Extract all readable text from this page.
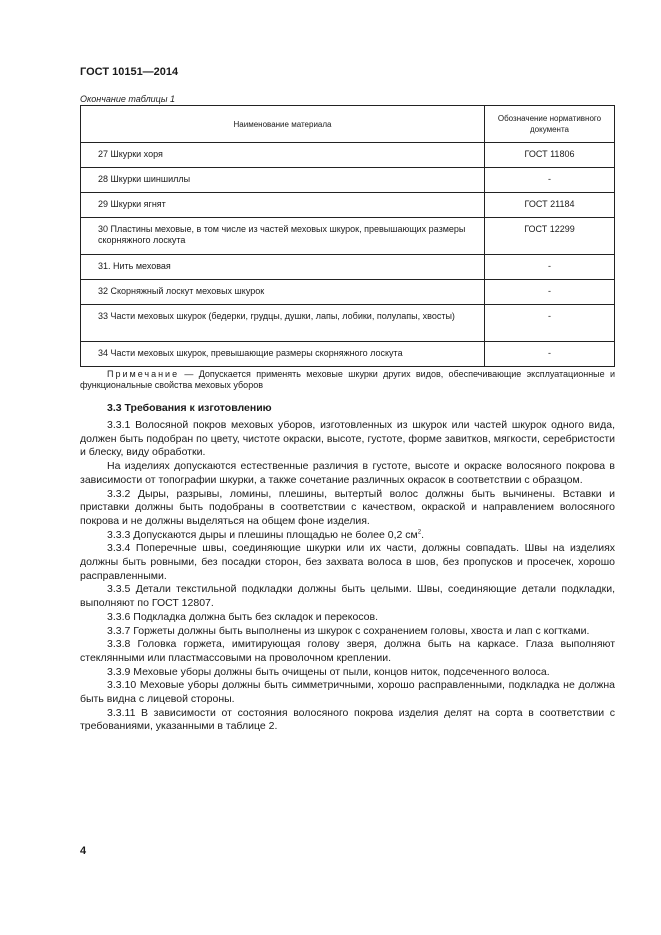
ГОСТ 10151—2014
Окончание таблицы 1
Наименование материала	Обозначение нормативного документа
27 Шкурки хоря	ГОСТ 11806
28 Шкурки шиншиллы	-
29 Шкурки ягнят	ГОСТ 21184
30 Пластины меховые, в том числе из частей меховых шкурок, превышающих размеры скорняжного лоскута	ГОСТ 12299
31. Нить меховая	-
32 Скорняжный лоскут меховых шкурок	-
33 Части меховых шкурок (бедерки, грудцы, душки, лапы, лобики, полулапы, хвосты)	-
34 Части меховых шкурок, превышающие размеры скорняжного лоскута	-
Примечание — Допускается применять меховые шкурки других видов, обеспечивающие эксплуатационные и функциональные свойства меховых уборов
3.3 Требования к изготовлению

3.3.1 Волосяной покров меховых уборов, изготовленных из шкурок или частей шкурок одного вида, должен быть подобран по цвету, чистоте окраски, высоте, густоте, форме завитков, мягкости, серебристости и блеску, виду обработки.

На изделиях допускаются естественные различия в густоте, высоте и окраске волосяного покрова в зависимости от топографии шкурки, а также сочетание различных окрасок в соответствии с образцом.

3.3.2 Дыры, разрывы, ломины, плешины, вытертый волос должны быть вычинены. Вставки и приставки должны быть подобраны в соответствии с качеством, окраской и направлением волосяного покрова и не должны выделяться на общем фоне изделия.

3.3.3 Допускаются дыры и плешины площадью не более 0,2 $см^2$.

3.3.4 Поперечные швы, соединяющие шкурки или их части, должны совпадать. Швы на изделиях должны быть ровными, без посадки сторон, без захвата волоса в шов, без пропусков и просечек, хорошо расправленными.

3.3.5 Детали текстильной подкладки должны быть целыми. Швы, соединяющие детали подкладки, выполняют по ГОСТ 12807.

3.3.6 Подкладка должна быть без складок и перекосов.

3.3.7 Горжеты должны быть выполнены из шкурок с сохранением головы, хвоста и лап с когтками.

3.3.8 Головка горжета, имитирующая голову зверя, должна быть на каркасе. Глаза выполняют стеклянными или пластмассовыми на проволочном креплении.

3.3.9 Меховые уборы должны быть очищены от пыли, концов ниток, подсеченного волоса.

3.3.10 Меховые уборы должны быть симметричными, хорошо расправленными, подкладка не должна быть видна с лицевой стороны.

3.3.11 В зависимости от состояния волосяного покрова изделия делят на сорта в соответствии с требованиями, указанными в таблице 2.

4
